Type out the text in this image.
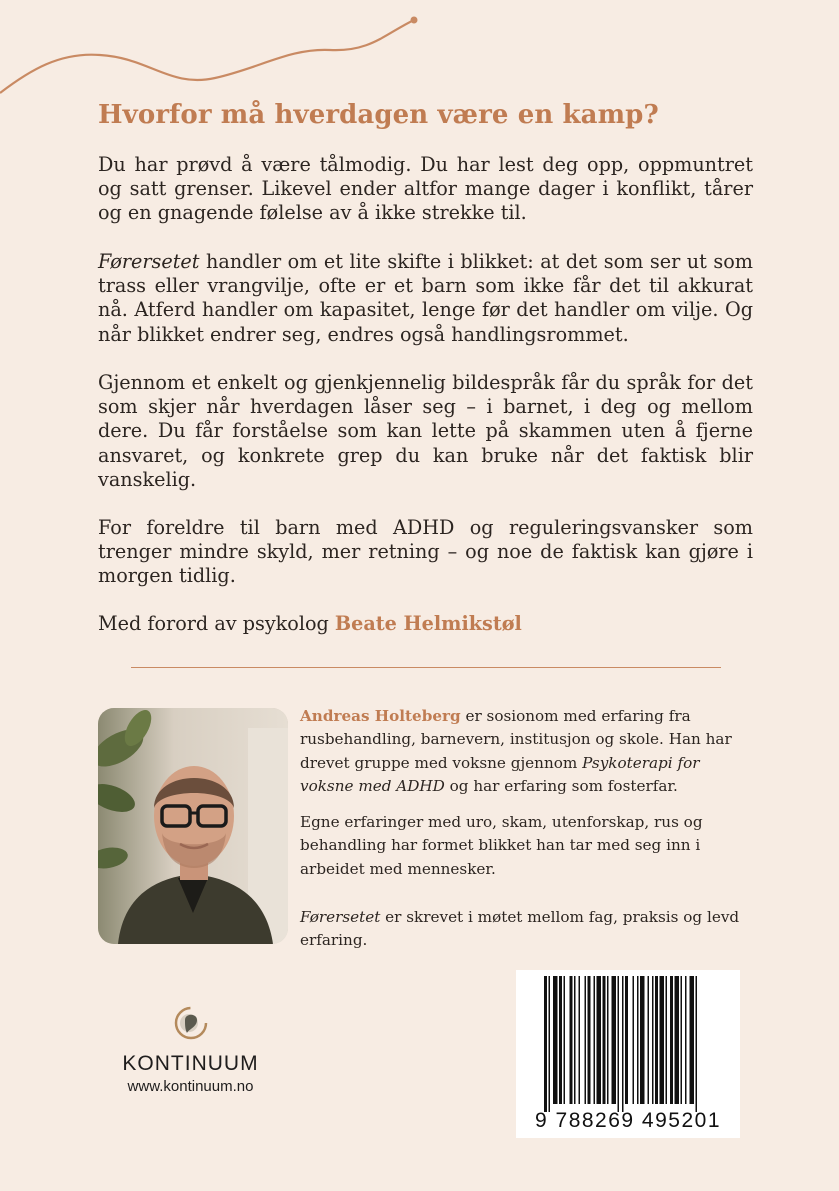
Hvorfor må hverdagen være en kamp?

Du har prøvd å være tålmodig. Du har lest deg opp, oppmuntret og satt grenser. Likevel ender altfor mange dager i konflikt, tårer og en gnagende følelse av å ikke strekke til.

Førersetet handler om et lite skifte i blikket: at det som ser ut som trass eller vrangvilje, ofte er et barn som ikke får det til akkurat nå. Atferd handler om kapasitet, lenge før det handler om vilje. Og når blikket endrer seg, endres også handlingsrommet.

Gjennom et enkelt og gjenkjennelig bildespråk får du språk for det som skjer når hverdagen låser seg – i barnet, i deg og mellom dere. Du får forståelse som kan lette på skammen uten å fjerne ansvaret, og konkrete grep du kan bruke når det faktisk blir vanskelig.

For foreldre til barn med ADHD og reguleringsvansker som trenger mindre skyld, mer retning – og noe de faktisk kan gjøre i morgen tidlig.

Med forord av psykolog Beate Helmikstøl

Andreas Holteberg er sosionom med erfaring fra rusbehandling, barnevern, institusjon og skole. Han har drevet gruppe med voksne gjennom Psykoterapi for voksne med ADHD og har erfaring som fosterfar.

Egne erfaringer med uro, skam, utenforskap, rus og behandling har formet blikket han tar med seg inn i arbeidet med mennesker.

Førersetet er skrevet i møtet mellom fag, praksis og levd erfaring.

KONTINUUM
www.kontinuum.no
9 788269 495201
